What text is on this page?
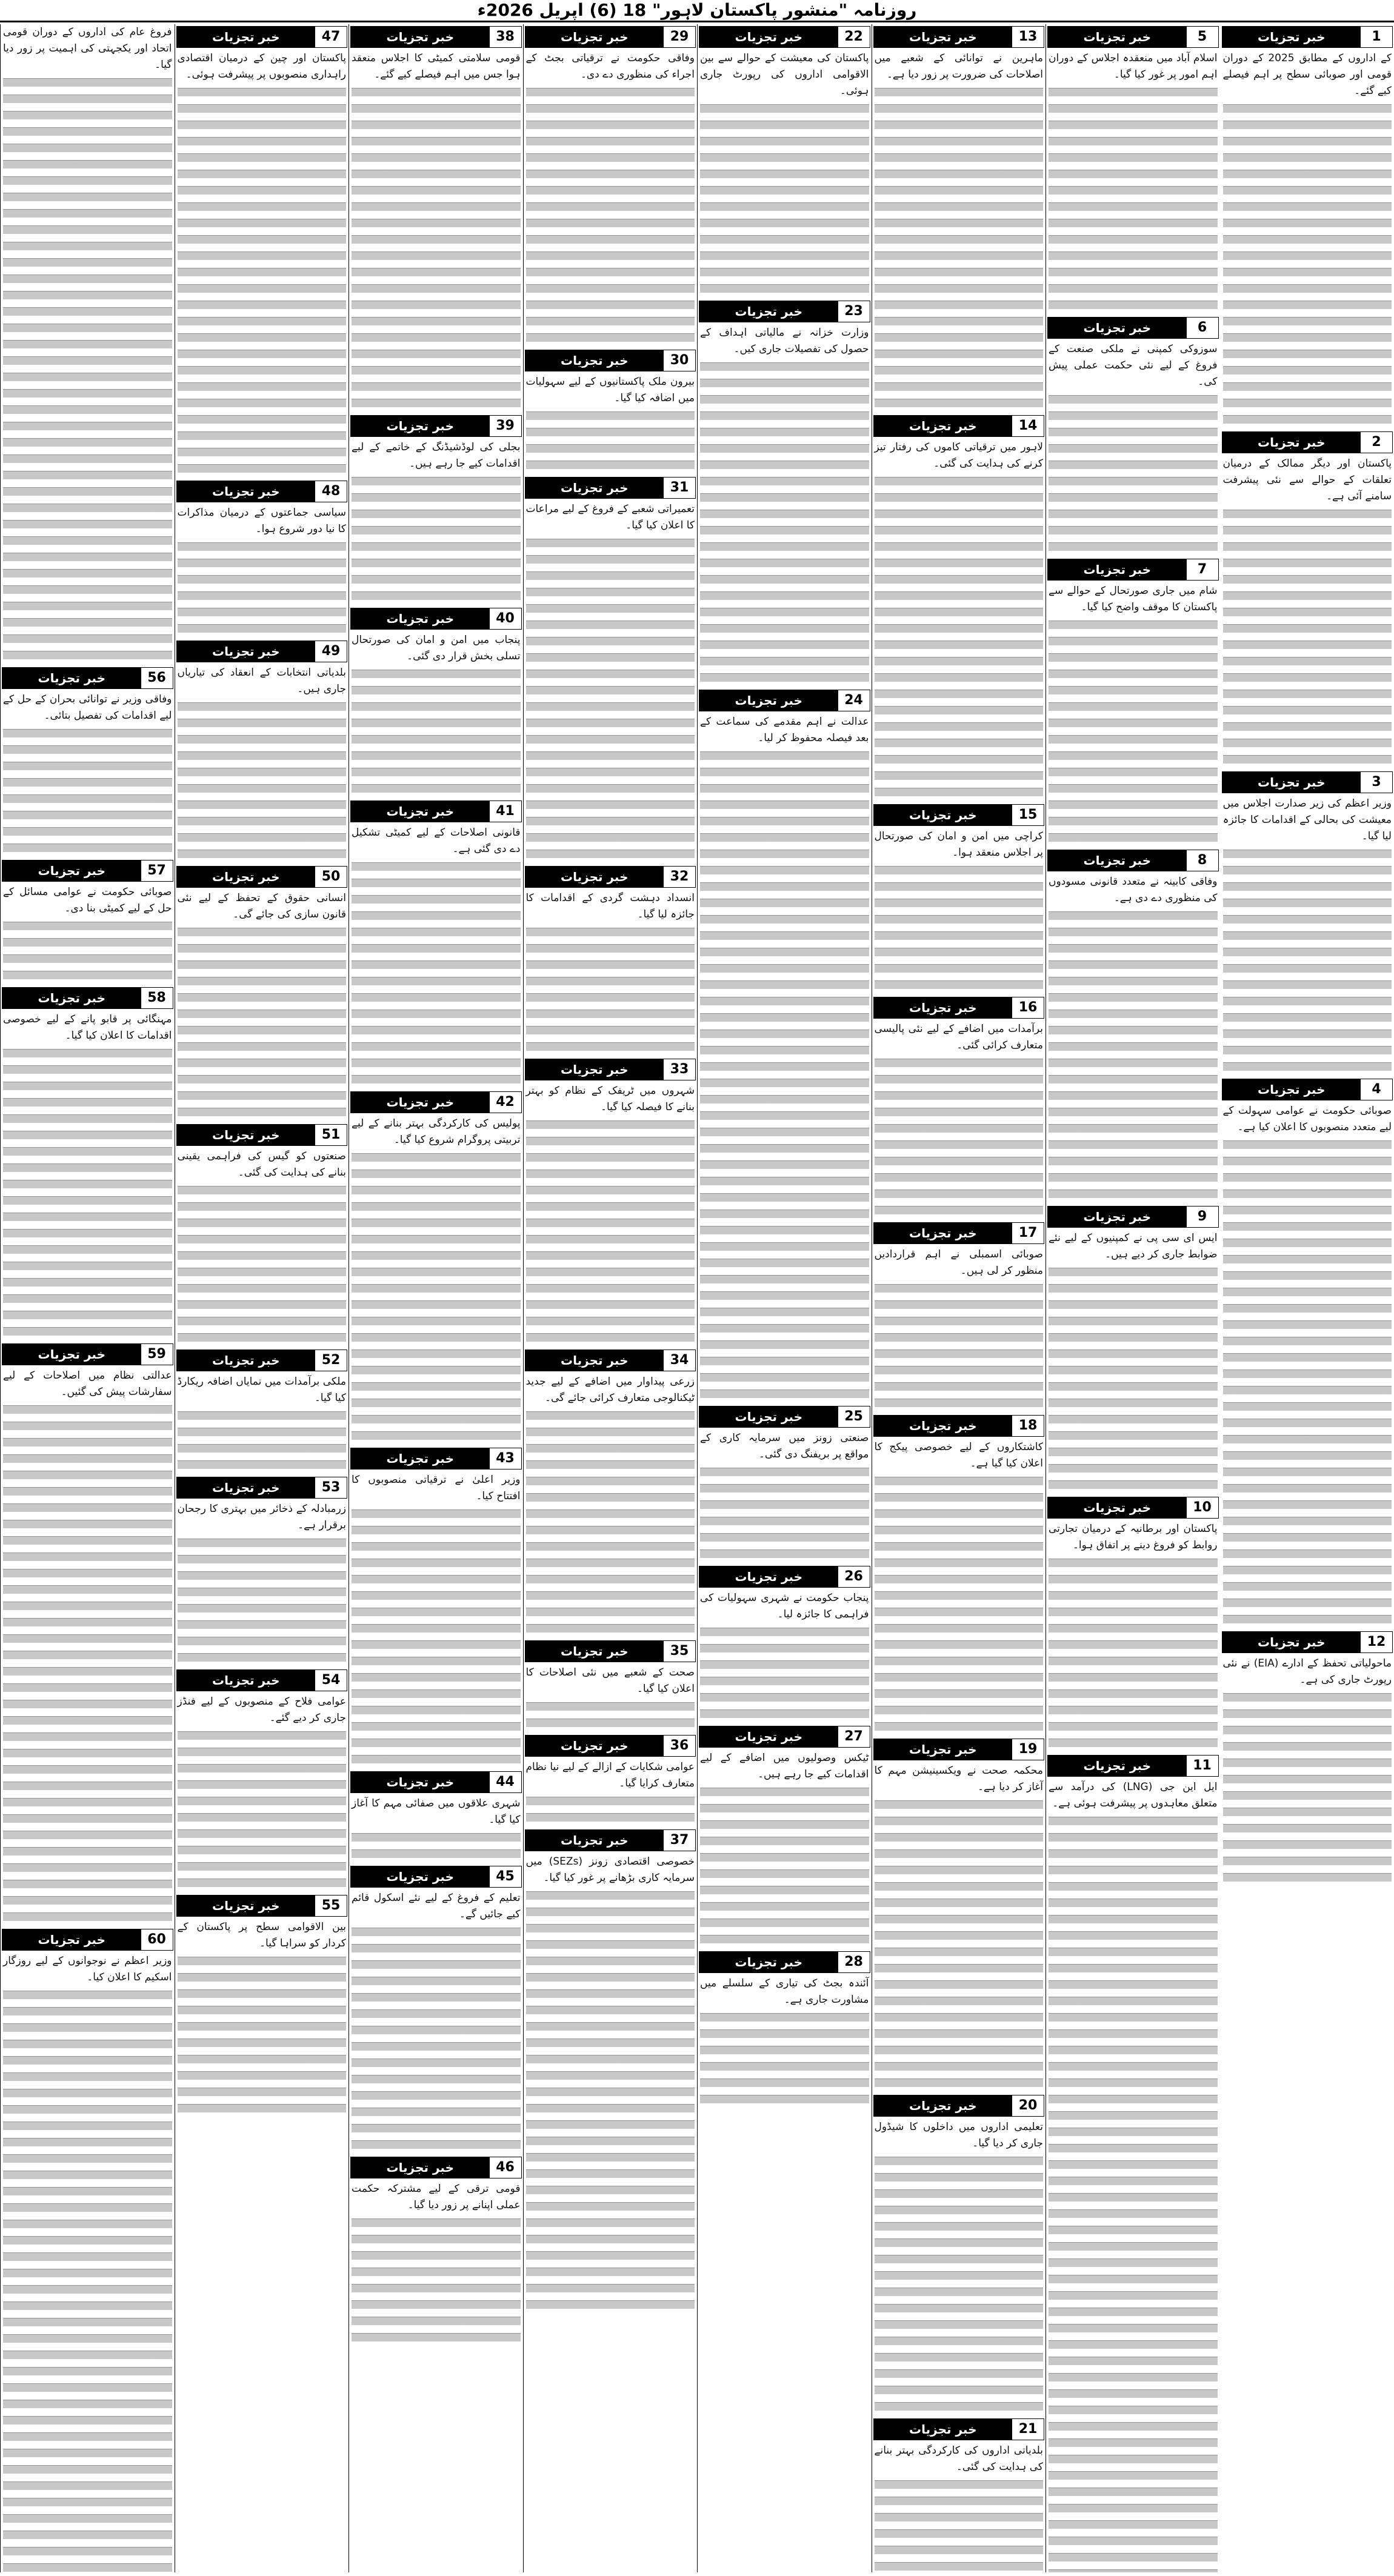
روزنامہ "منشور پاکستان لاہور" 18 (6) اپریل 2026ء
1
خبر تجزیات
کے اداروں کے مطابق 2025 کے دوران قومی اور صوبائی سطح پر اہم فیصلے کیے گئے۔
2
خبر تجزیات
پاکستان اور دیگر ممالک کے درمیان تعلقات کے حوالے سے نئی پیشرفت سامنے آئی ہے۔
3
خبر تجزیات
وزیر اعظم کی زیر صدارت اجلاس میں معیشت کی بحالی کے اقدامات کا جائزہ لیا گیا۔
4
خبر تجزیات
صوبائی حکومت نے عوامی سہولت کے لیے متعدد منصوبوں کا اعلان کیا ہے۔
12
خبر تجزیات
ماحولیاتی تحفظ کے ادارے (EIA) نے نئی رپورٹ جاری کی ہے۔
5
خبر تجزیات
اسلام آباد میں منعقدہ اجلاس کے دوران اہم امور پر غور کیا گیا۔
6
خبر تجزیات
سوزوکی کمپنی نے ملکی صنعت کے فروغ کے لیے نئی حکمت عملی پیش کی۔
7
خبر تجزیات
شام میں جاری صورتحال کے حوالے سے پاکستان کا موقف واضح کیا گیا۔
8
خبر تجزیات
وفاقی کابینہ نے متعدد قانونی مسودوں کی منظوری دے دی ہے۔
9
خبر تجزیات
ایس ای سی پی نے کمپنیوں کے لیے نئے ضوابط جاری کر دیے ہیں۔
10
خبر تجزیات
پاکستان اور برطانیہ کے درمیان تجارتی روابط کو فروغ دینے پر اتفاق ہوا۔
11
خبر تجزیات
ایل این جی (LNG) کی درآمد سے متعلق معاہدوں پر پیشرفت ہوئی ہے۔
13
خبر تجزیات
ماہرین نے توانائی کے شعبے میں اصلاحات کی ضرورت پر زور دیا ہے۔
14
خبر تجزیات
لاہور میں ترقیاتی کاموں کی رفتار تیز کرنے کی ہدایت کی گئی۔
15
خبر تجزیات
کراچی میں امن و امان کی صورتحال پر اجلاس منعقد ہوا۔
16
خبر تجزیات
برآمدات میں اضافے کے لیے نئی پالیسی متعارف کرائی گئی۔
17
خبر تجزیات
صوبائی اسمبلی نے اہم قراردادیں منظور کر لی ہیں۔
18
خبر تجزیات
کاشتکاروں کے لیے خصوصی پیکج کا اعلان کیا گیا ہے۔
19
خبر تجزیات
محکمہ صحت نے ویکسینیشن مہم کا آغاز کر دیا ہے۔
20
خبر تجزیات
تعلیمی اداروں میں داخلوں کا شیڈول جاری کر دیا گیا۔
21
خبر تجزیات
بلدیاتی اداروں کی کارکردگی بہتر بنانے کی ہدایت کی گئی۔
22
خبر تجزیات
پاکستان کی معیشت کے حوالے سے بین الاقوامی اداروں کی رپورٹ جاری ہوئی۔
23
خبر تجزیات
وزارت خزانہ نے مالیاتی اہداف کے حصول کی تفصیلات جاری کیں۔
24
خبر تجزیات
عدالت نے اہم مقدمے کی سماعت کے بعد فیصلہ محفوظ کر لیا۔
25
خبر تجزیات
صنعتی زونز میں سرمایہ کاری کے مواقع پر بریفنگ دی گئی۔
26
خبر تجزیات
پنجاب حکومت نے شہری سہولیات کی فراہمی کا جائزہ لیا۔
27
خبر تجزیات
ٹیکس وصولیوں میں اضافے کے لیے اقدامات کیے جا رہے ہیں۔
28
خبر تجزیات
آئندہ بجٹ کی تیاری کے سلسلے میں مشاورت جاری ہے۔
29
خبر تجزیات
وفاقی حکومت نے ترقیاتی بجٹ کے اجراء کی منظوری دے دی۔
30
خبر تجزیات
بیرون ملک پاکستانیوں کے لیے سہولیات میں اضافہ کیا گیا۔
31
خبر تجزیات
تعمیراتی شعبے کے فروغ کے لیے مراعات کا اعلان کیا گیا۔
32
خبر تجزیات
انسداد دہشت گردی کے اقدامات کا جائزہ لیا گیا۔
33
خبر تجزیات
شہروں میں ٹریفک کے نظام کو بہتر بنانے کا فیصلہ کیا گیا۔
34
خبر تجزیات
زرعی پیداوار میں اضافے کے لیے جدید ٹیکنالوجی متعارف کرائی جائے گی۔
35
خبر تجزیات
صحت کے شعبے میں نئی اصلاحات کا اعلان کیا گیا۔
36
خبر تجزیات
عوامی شکایات کے ازالے کے لیے نیا نظام متعارف کرایا گیا۔
37
خبر تجزیات
خصوصی اقتصادی زونز (SEZs) میں سرمایہ کاری بڑھانے پر غور کیا گیا۔
38
خبر تجزیات
قومی سلامتی کمیٹی کا اجلاس منعقد ہوا جس میں اہم فیصلے کیے گئے۔
39
خبر تجزیات
بجلی کی لوڈشیڈنگ کے خاتمے کے لیے اقدامات کیے جا رہے ہیں۔
40
خبر تجزیات
پنجاب میں امن و امان کی صورتحال تسلی بخش قرار دی گئی۔
41
خبر تجزیات
قانونی اصلاحات کے لیے کمیٹی تشکیل دے دی گئی ہے۔
42
خبر تجزیات
پولیس کی کارکردگی بہتر بنانے کے لیے تربیتی پروگرام شروع کیا گیا۔
43
خبر تجزیات
وزیر اعلیٰ نے ترقیاتی منصوبوں کا افتتاح کیا۔
44
خبر تجزیات
شہری علاقوں میں صفائی مہم کا آغاز کیا گیا۔
45
خبر تجزیات
تعلیم کے فروغ کے لیے نئے اسکول قائم کیے جائیں گے۔
46
خبر تجزیات
قومی ترقی کے لیے مشترکہ حکمت عملی اپنانے پر زور دیا گیا۔
47
خبر تجزیات
پاکستان اور چین کے درمیان اقتصادی راہداری منصوبوں پر پیشرفت ہوئی۔
48
خبر تجزیات
سیاسی جماعتوں کے درمیان مذاکرات کا نیا دور شروع ہوا۔
49
خبر تجزیات
بلدیاتی انتخابات کے انعقاد کی تیاریاں جاری ہیں۔
50
خبر تجزیات
انسانی حقوق کے تحفظ کے لیے نئی قانون سازی کی جائے گی۔
51
خبر تجزیات
صنعتوں کو گیس کی فراہمی یقینی بنانے کی ہدایت کی گئی۔
52
خبر تجزیات
ملکی برآمدات میں نمایاں اضافہ ریکارڈ کیا گیا۔
53
خبر تجزیات
زرمبادلہ کے ذخائر میں بہتری کا رجحان برقرار ہے۔
54
خبر تجزیات
عوامی فلاح کے منصوبوں کے لیے فنڈز جاری کر دیے گئے۔
55
خبر تجزیات
بین الاقوامی سطح پر پاکستان کے کردار کو سراہا گیا۔
فروغ عام کی اداروں کے دوران قومی اتحاد اور یکجہتی کی اہمیت پر زور دیا گیا۔
56
خبر تجزیات
وفاقی وزیر نے توانائی بحران کے حل کے لیے اقدامات کی تفصیل بتائی۔
57
خبر تجزیات
صوبائی حکومت نے عوامی مسائل کے حل کے لیے کمیٹی بنا دی۔
58
خبر تجزیات
مہنگائی پر قابو پانے کے لیے خصوصی اقدامات کا اعلان کیا گیا۔
59
خبر تجزیات
عدالتی نظام میں اصلاحات کے لیے سفارشات پیش کی گئیں۔
60
خبر تجزیات
وزیر اعظم نے نوجوانوں کے لیے روزگار اسکیم کا اعلان کیا۔
